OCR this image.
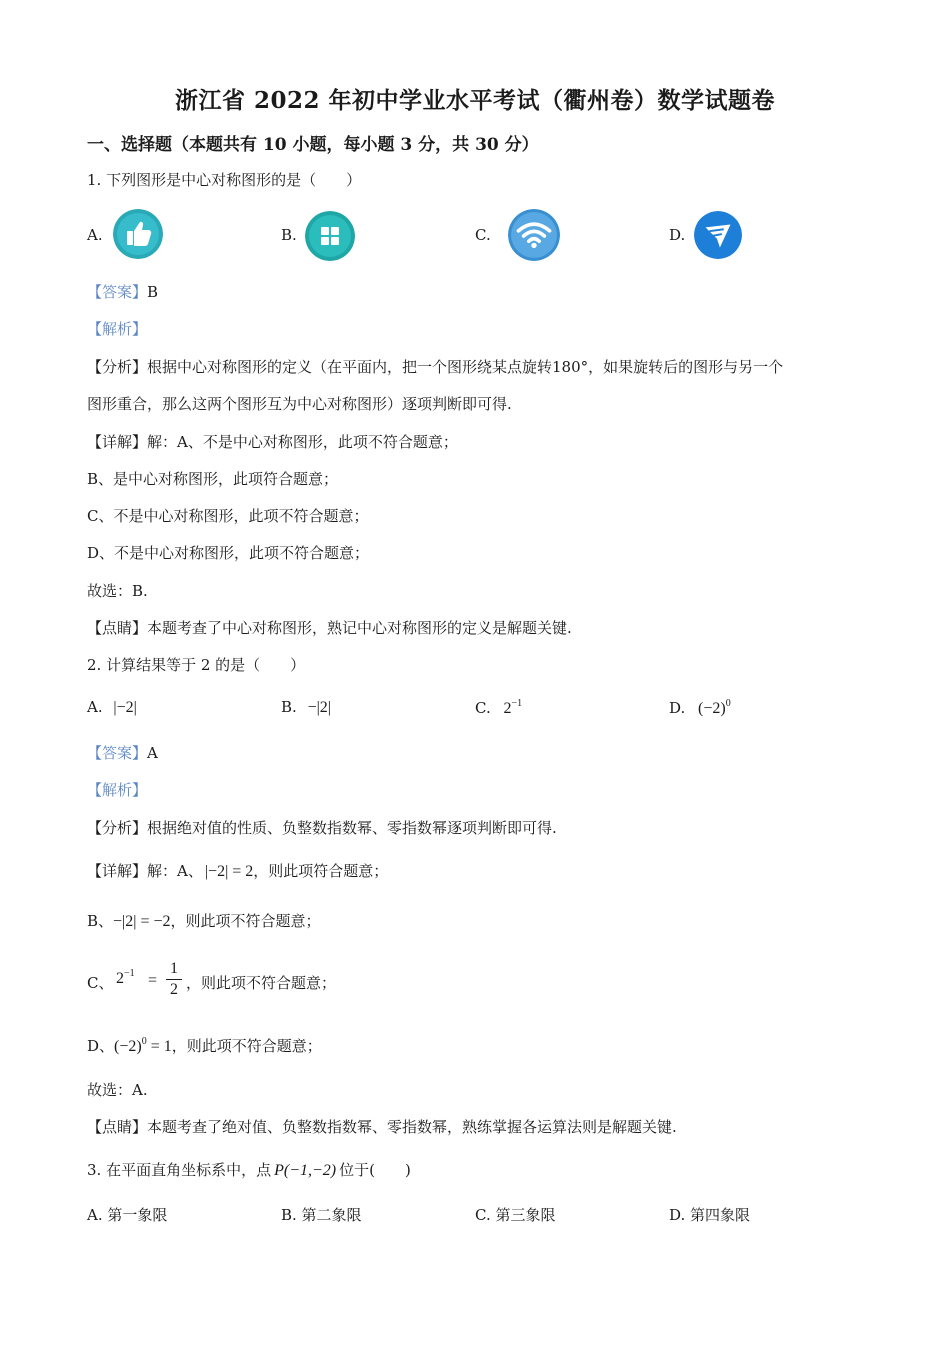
浙江省 2022 年初中学业水平考试（衢州卷）数学试题卷
一、选择题（本题共有 10 小题，每小题 3 分，共 30 分）
1. 下列图形是中心对称图形的是（　　）
A.	B.	C.	D.
【答案】B
【解析】
【分析】根据中心对称图形的定义（在平面内，把一个图形绕某点旋转180°，如果旋转后的图形与另一个
图形重合，那么这两个图形互为中心对称图形）逐项判断即可得.
【详解】解：A、不是中心对称图形，此项不符合题意；
B、是中心对称图形，此项符合题意；
C、不是中心对称图形，此项不符合题意；
D、不是中心对称图形，此项不符合题意；
故选：B.
【点睛】本题考查了中心对称图形，熟记中心对称图形的定义是解题关键.
2. 计算结果等于 2 的是（　　）
A. |−2|	B. −|2|	C. $2^{-1}$	D. $(-2)^0$
【答案】A
【解析】
【分析】根据绝对值的性质、负整数指数幂、零指数幂逐项判断即可得.
【详解】解：A、 |−2| = 2，则此项符合题意；
B、−|2| = −2，则此项不符合题意；
C、 $2^{-1}$ =
1
2 ，则此项不符合题意；
D、$(-2)^0 = 1$，则此项不符合题意；
故选：A.
【点睛】本题考查了绝对值、负整数指数幂、零指数幂，熟练掌握各运算法则是解题关键.
3. 在平面直角坐标系中，点 P(−1,−2) 位于(　　)
A. 第一象限	B. 第二象限	C. 第三象限	D. 第四象限
